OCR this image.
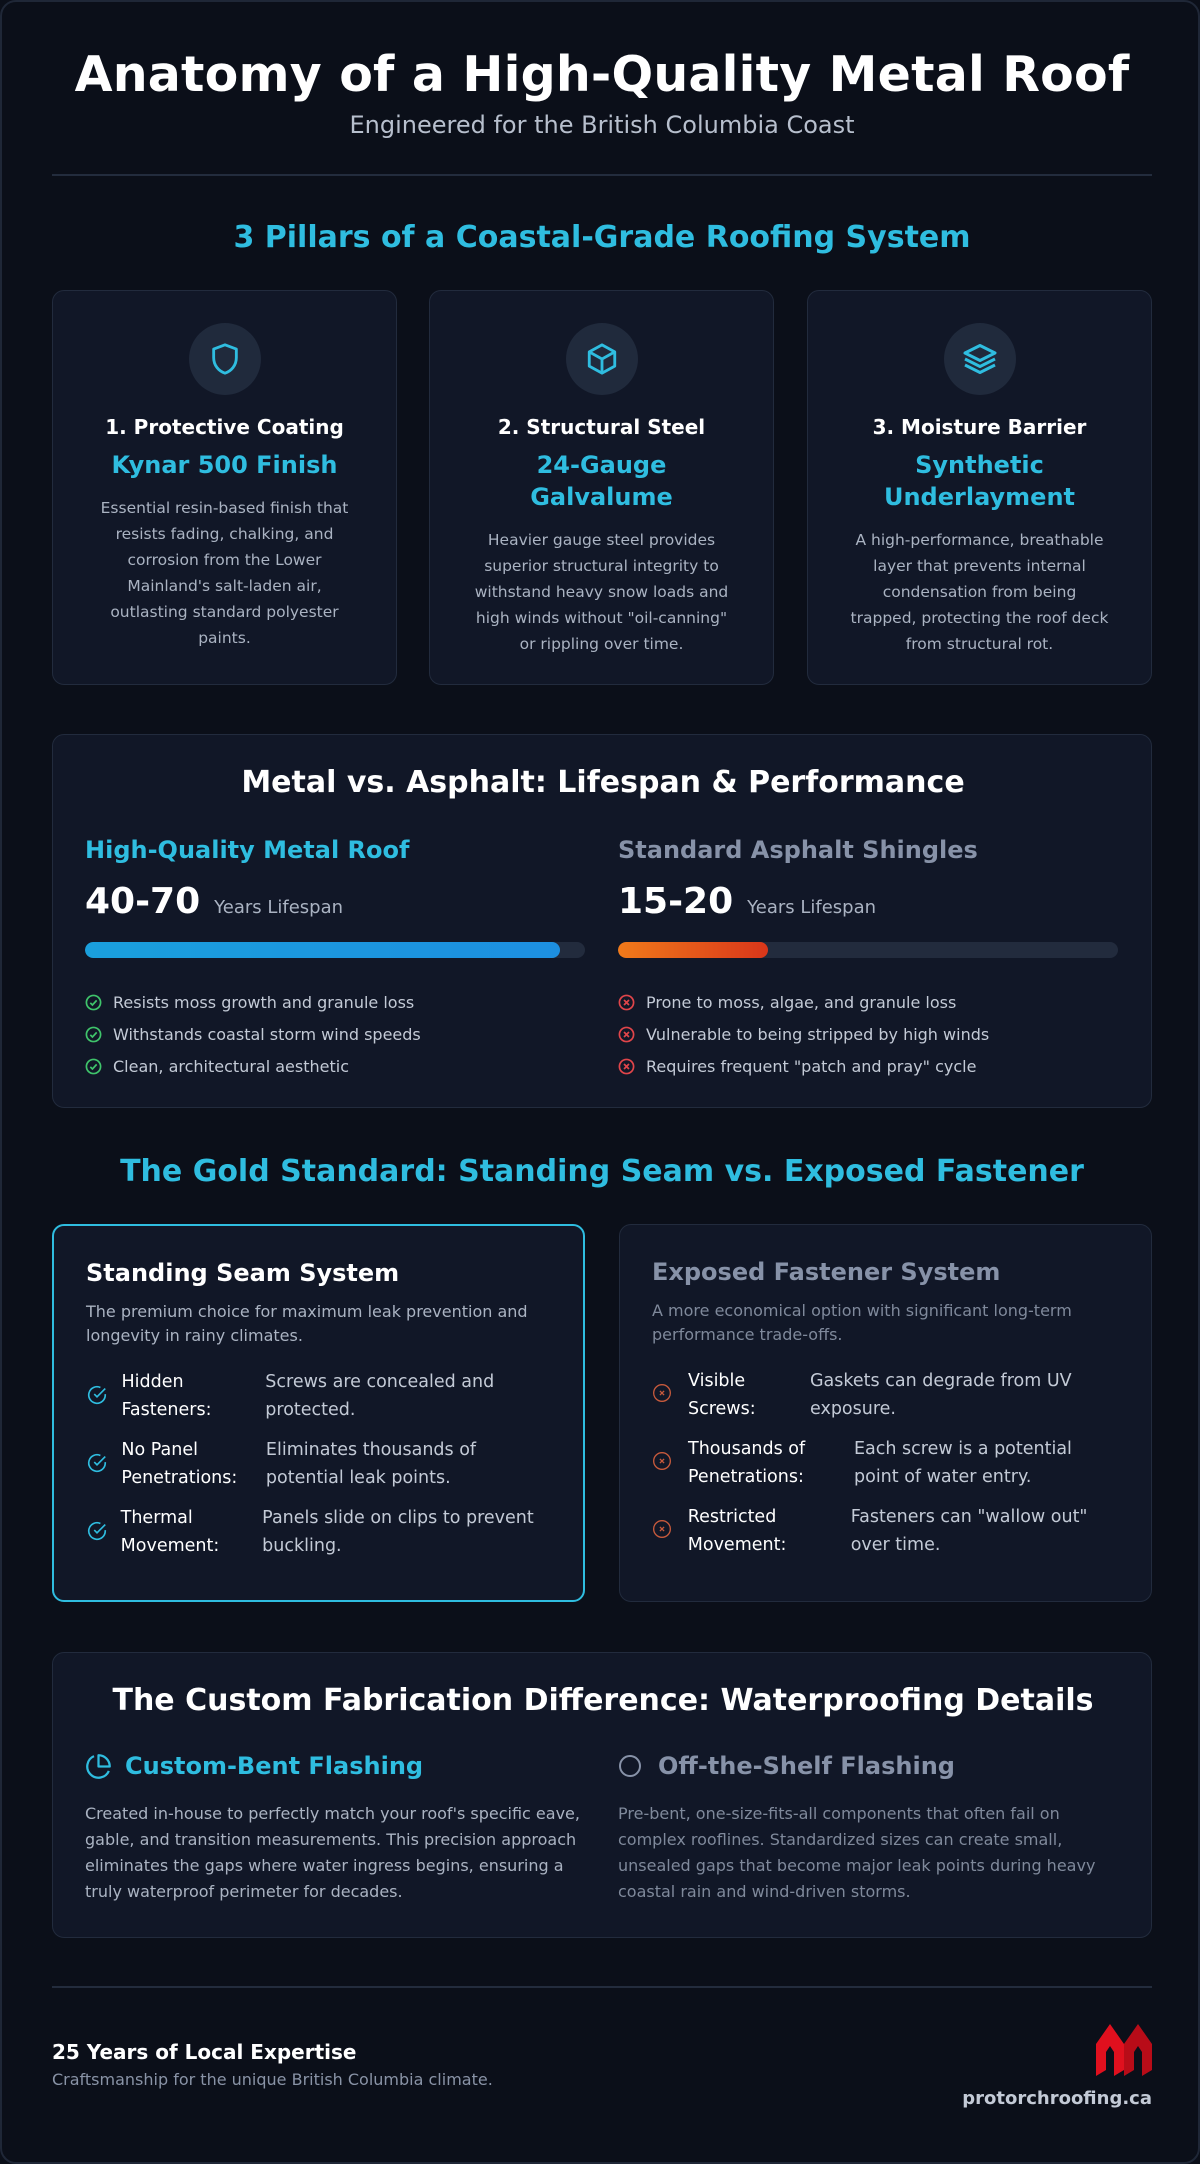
Anatomy of a High-Quality Metal Roof
Engineered for the British Columbia Coast
3 Pillars of a Coastal-Grade Roofing System
1. Protective Coating
Kynar 500 Finish
Essential resin-based finish that resists fading, chalking, and corrosion from the Lower Mainland's salt-laden air, outlasting standard polyester paints.
2. Structural Steel
24-Gauge Galvalume
Heavier gauge steel provides superior structural integrity to withstand heavy snow loads and high winds without "oil-canning" or rippling over time.
3. Moisture Barrier
Synthetic Underlayment
A high-performance, breathable layer that prevents internal condensation from being trapped, protecting the roof deck from structural rot.
Metal vs. Asphalt: Lifespan & Performance
High-Quality Metal Roof
40-70 Years Lifespan
Resists moss growth and granule loss
Withstands coastal storm wind speeds
Clean, architectural aesthetic
Standard Asphalt Shingles
15-20 Years Lifespan
Prone to moss, algae, and granule loss
Vulnerable to being stripped by high winds
Requires frequent "patch and pray" cycle
The Gold Standard: Standing Seam vs. Exposed Fastener
Standing Seam System
The premium choice for maximum leak prevention and longevity in rainy climates.
Hidden Fasteners:
Screws are concealed and protected.
No Panel Penetrations:
Eliminates thousands of potential leak points.
Thermal Movement:
Panels slide on clips to prevent buckling.
Exposed Fastener System
A more economical option with significant long-term performance trade-offs.
Visible Screws:
Gaskets can degrade from UV exposure.
Thousands of Penetrations:
Each screw is a potential point of water entry.
Restricted Movement:
Fasteners can "wallow out" over time.
The Custom Fabrication Difference: Waterproofing Details
Custom-Bent Flashing

Created in-house to perfectly match your roof's specific eave, gable, and transition measurements. This precision approach eliminates the gaps where water ingress begins, ensuring a truly waterproof perimeter for decades.

Off-the-Shelf Flashing

Pre-bent, one-size-fits-all components that often fail on complex rooflines. Standardized sizes can create small, unsealed gaps that become major leak points during heavy coastal rain and wind-driven storms.

25 Years of Local Expertise
Craftsmanship for the unique British Columbia climate.
protorchroofing.ca
